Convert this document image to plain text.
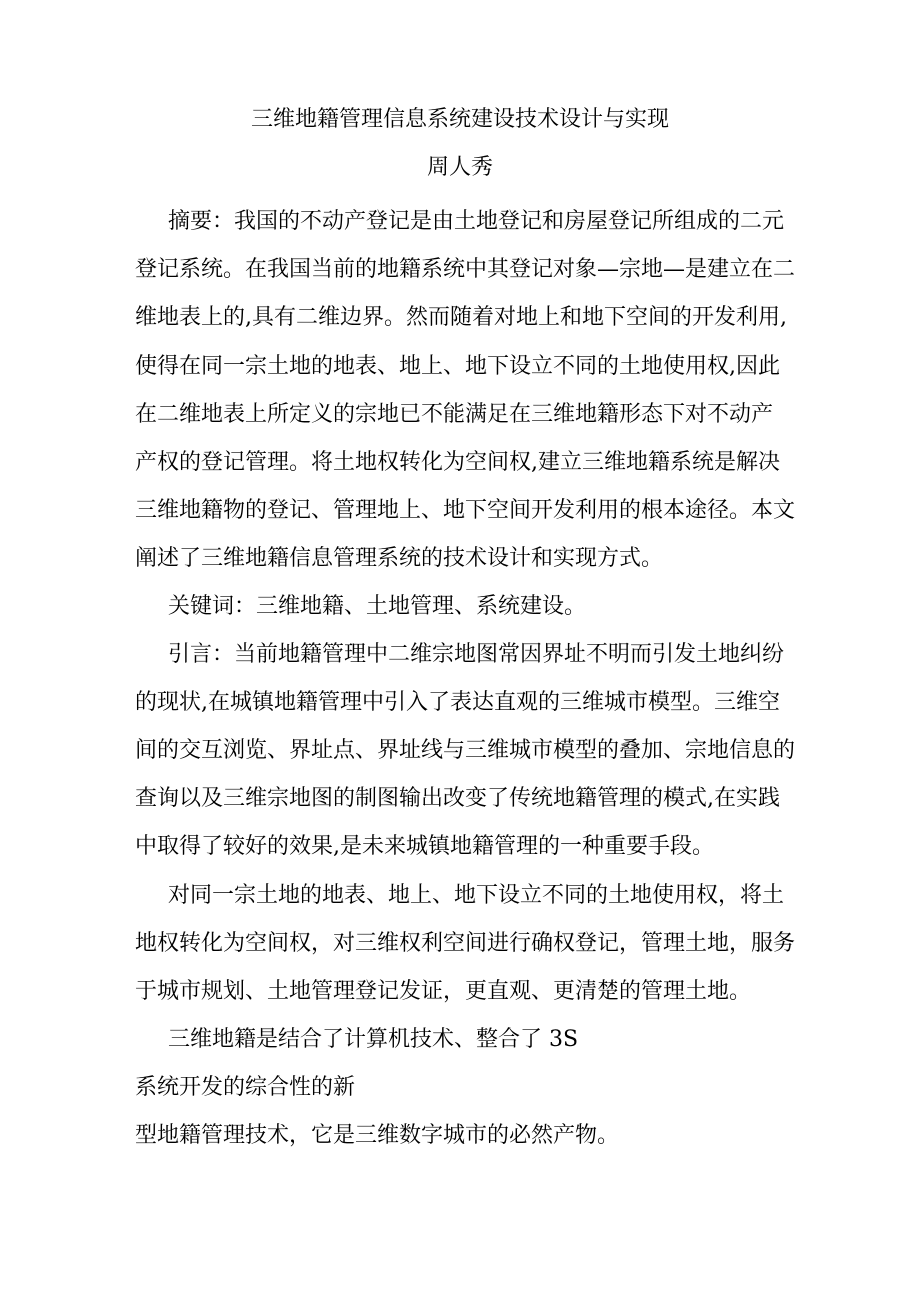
三维地籍管理信息系统建设技术设计与实现
周人秀
摘要：我国的不动产登记是由土地登记和房屋登记所组成的二元
登记系统。在我国当前的地籍系统中其登记对象—宗地—是建立在二
维地表上的,具有二维边界。然而随着对地上和地下空间的开发利用,
使得在同一宗土地的地表、地上、地下设立不同的土地使用权,因此
在二维地表上所定义的宗地已不能满足在三维地籍形态下对不动产
产权的登记管理。将土地权转化为空间权,建立三维地籍系统是解决
三维地籍物的登记、管理地上、地下空间开发利用的根本途径。本文
阐述了三维地籍信息管理系统的技术设计和实现方式。
关键词：三维地籍、土地管理、系统建设。
引言：当前地籍管理中二维宗地图常因界址不明而引发土地纠纷
的现状,在城镇地籍管理中引入了表达直观的三维城市模型。三维空
间的交互浏览、界址点、界址线与三维城市模型的叠加、宗地信息的
查询以及三维宗地图的制图输出改变了传统地籍管理的模式,在实践
中取得了较好的效果,是未来城镇地籍管理的一种重要手段。
对同一宗土地的地表、地上、地下设立不同的土地使用权，将土
地权转化为空间权，对三维权利空间进行确权登记，管理土地，服务
于城市规划、土地管理登记发证，更直观、更清楚的管理土地。
三维地籍是结合了计算机技术、整合了 3S
系统开发的综合性的新
型地籍管理技术，它是三维数字城市的必然产物。
